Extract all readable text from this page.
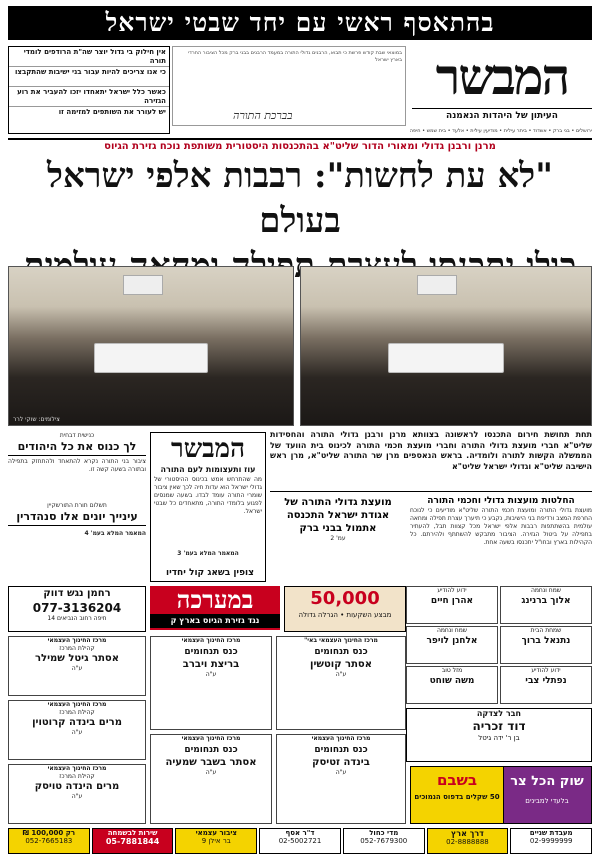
בהתאסף ראשי עם יחד שבטי ישראל
המבשר
העיתון של היהדות הנאמנה
במוצאי שבת קודש פרשת כי תבוא, הרבנים גדולי התורה במעמד הרבנים בבני ברק מכל הציבור החרדי בארץ ישראל
בברכת התורה
אין חילוק בי גדול יוצר שה"ת הרודפים לומדי תורה
כי אנו צריכים להיות עבור בני ישיבות שהתקבצו
כאשר כלל ישראל יתאחדו יזכו להעביר את רוע הגזירה
יש לעורר את השותפים למזימה זו
ירושלים • בני ברק • אשדוד • ביתר עילית • מודיעין עילית • אלעד • בית שמש • חיפה
מרנן ורבנן גדולי ומאורי הדור שליט"א בהתכנסות היסטורית משותפת נוכח גזירת הגיוס
"לא עת לחשות": רבבות אלפי ישראל בעולם
צילומים: שוקי לרר
תחת תחושת חירום התכנסו לראשונה בצוותא מרנן ורבנן גדולי התורה והחסידות שליט"א חברי מועצת גדולי התורה וחברי מועצת חכמי התורה לכינוס בית הוועד של הממשלה הקשות לתורה ולומדיה. בראש הנאספים מרן שר התורה שליט"א, מרן ראש הישיבה שליט"א וגדולי ישראל שליט"א
החלטות מועצות גדולי וחכמי התורה
מועצת גדולי התורה ומועצת חכמי התורה שליט"א מודיעים כי לנוכח החרפת המצב ורדיפת בני הישיבות, נקבע כי תיערך עצרת תפילה ומחאה עולמית בהשתתפות רבבות אלפי ישראל מכל קצוות תבל, להעתיר בתפילה על ביטול הגזירה. הציבור מתבקש להשתתף ולהירתם. כל הקהילות בארץ ובחו"ל יתכנסו בשעה אחת.
מועצת גדולי התורה של אגודת ישראל התכנסה אתמול בבני ברק
עמ' 2
המבשר
עוז ותעצומות לעם התורה
מה שהתרחש אמש בכינוס ההיסטורי של גדולי ישראל הוא עדות חיה לכך שאין ציבור שומרי התורה עומד לבדו. בשעה שמנסים לפגוע בלומדי התורה, מתאחדים כל שבטי ישראל.
המאמר המלא בעמ' 3
כנישית דבחית
לך כנוס את כל היהודים
ציבור בני התורה נקרא להתאחד ולהתחזק בתפילה ובתורה בשעה קשה זו.
תשלום תורת התורשקיין
עינייך יונים אלו סנהדרין
המאמר המלא בעמ' 4
במערכה
נגד גזירת הגיוס בארץ ק
צופין בשאג קול יחדיו
רחמן נגש דווק
077-3136204
חיפה רחוב הנביאים 14
מרכז החינוך העצמאי
קהילת המרכז
אסתר גיטל שמילר
ע"ה
מרכז החינוך העצמאי
קהילת המרכז
מרים בינדה קרוטוין
ע"ה
מרכז החינוך העצמאי
קהילת המרכז
מרים הינדה טויסק
ע"ה
מרכז החינוך העצמאי
כנס תנחומים
בריצת ויברב
ע"ה
מרכז החינוך העצמאי
כנס תנחומים
אסתר בשבר שמעיה
ע"ה
מרכז החינוך העצמאי באי"
כנס תנחומים
אסתר קוטשין
ע"ה
מרכז החינוך העצמאי
כנס תנחומים
בינדה זטיסק
ע"ה
50,000
מבצע השקעות • הגרלה גדולה
שמח ונחמה
אלוך ברנינג
ידוע להודיע
אהרן חיים
שמחת הבית
נתנאל ברוך
שמח ונחמה
אלחנן לויפר
ידוע להודיע
נפתלי צבי
מזל טוב
משה שוחט
חבר לצדקה
דוד זכריה
בן ר' ידה גיטל
שוק הכל צר
בלעדי למבינים
בשבם
50 שקלים בדפוס הנמוכים
רק 100,000 ₪
052-7665183
שירות לבשמחה
05-7881844
ציבור עצמאי
בר אילן 9
ד"ר אסף
02-5002721
מדי כחול
052-7679300
דרך ארץ
02-8888888
מעבדת שניים
02-9999999
